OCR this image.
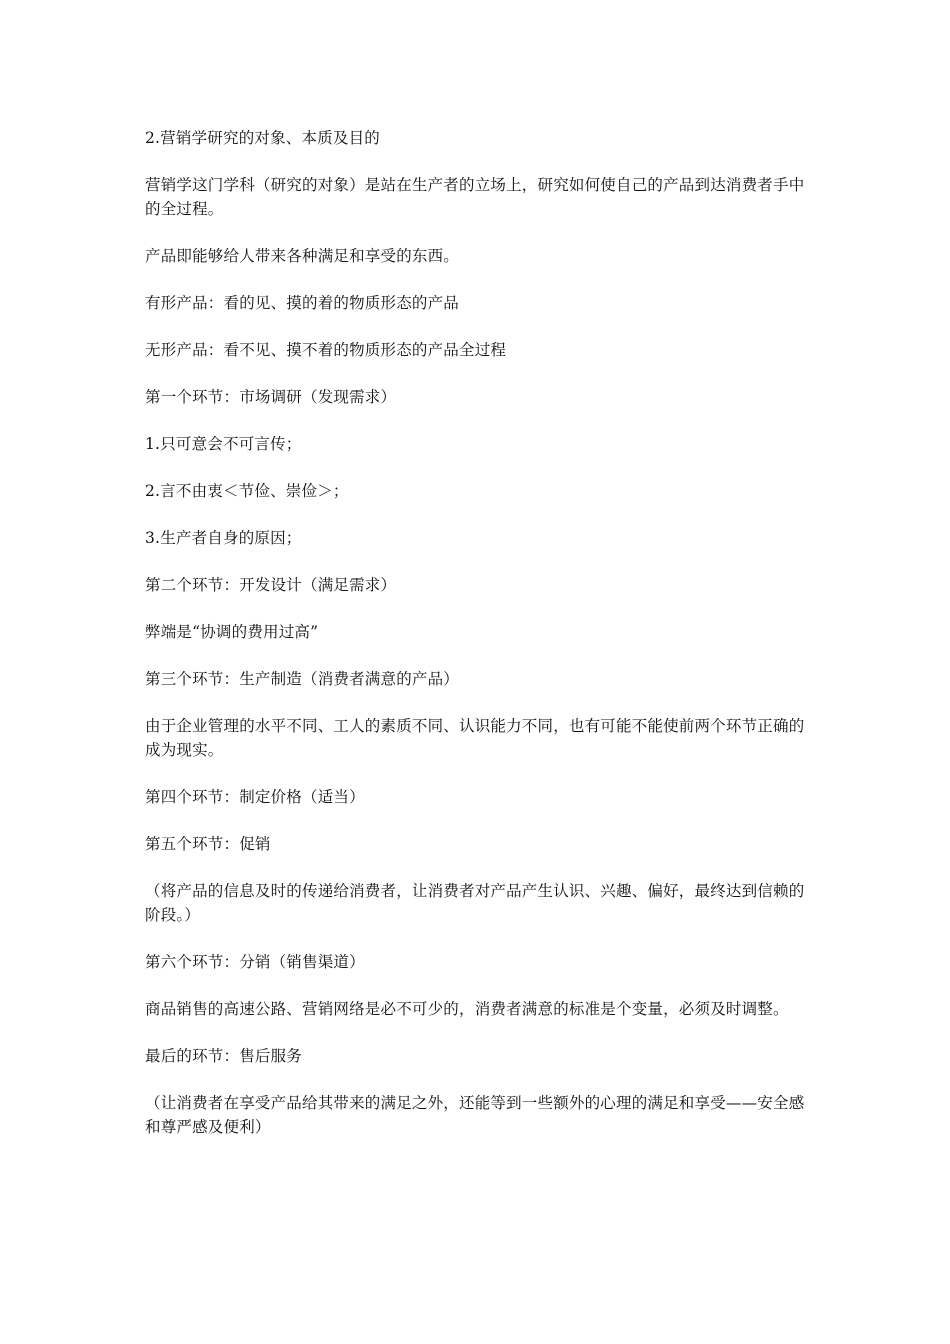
2.营销学研究的对象、本质及目的

营销学这门学科（研究的对象）是站在生产者的立场上，研究如何使自己的产品到达消费者手中的全过程。

产品即能够给人带来各种满足和享受的东西。

有形产品：看的见、摸的着的物质形态的产品

无形产品：看不见、摸不着的物质形态的产品全过程

第一个环节：市场调研（发现需求）

1.只可意会不可言传；

2.言不由衷＜节俭、崇俭＞；

3.生产者自身的原因；

第二个环节：开发设计（满足需求）

弊端是“协调的费用过高”

第三个环节：生产制造（消费者满意的产品）

由于企业管理的水平不同、工人的素质不同、认识能力不同，也有可能不能使前两个环节正确的成为现实。

第四个环节：制定价格（适当）

第五个环节：促销

（将产品的信息及时的传递给消费者，让消费者对产品产生认识、兴趣、偏好，最终达到信赖的阶段。）

第六个环节：分销（销售渠道）

商品销售的高速公路、营销网络是必不可少的，消费者满意的标准是个变量，必须及时调整。

最后的环节：售后服务

（让消费者在享受产品给其带来的满足之外，还能等到一些额外的心理的满足和享受——安全感和尊严感及便利）
